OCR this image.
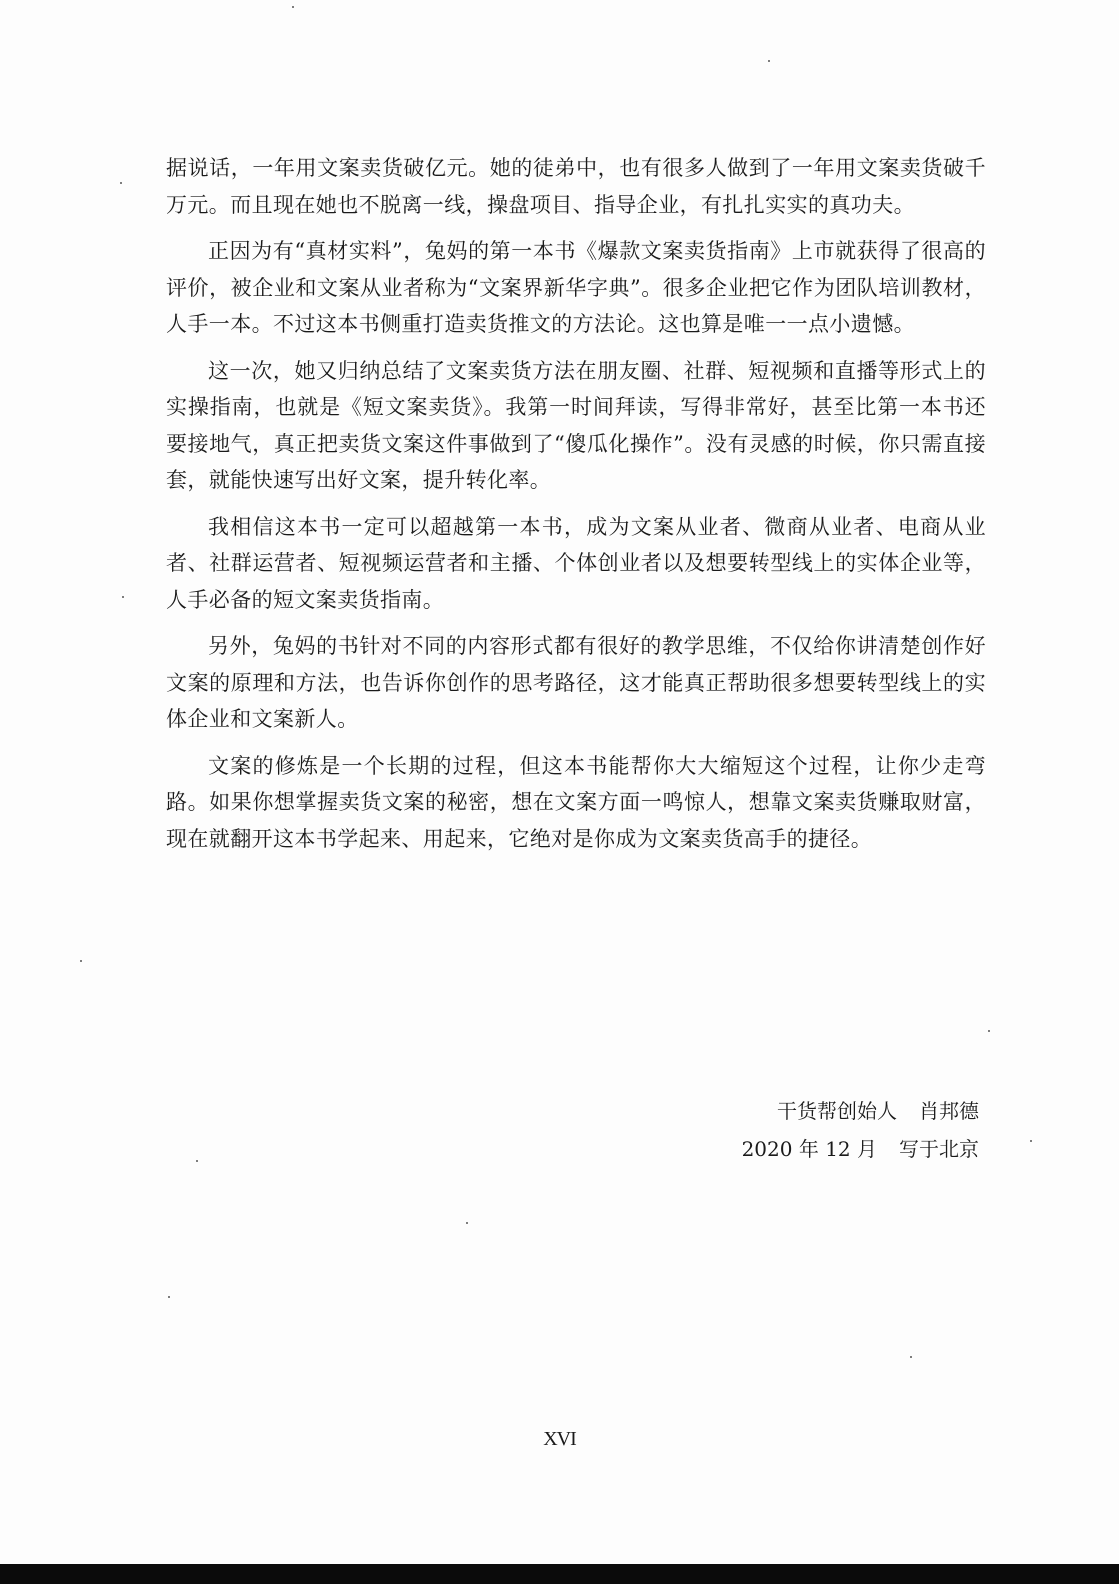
据说话，一年用文案卖货破亿元。她的徒弟中，也有很多人做到了一年用文案卖货破千万元。而且现在她也不脱离一线，操盘项目、指导企业，有扎扎实实的真功夫。

正因为有“真材实料”，兔妈的第一本书《爆款文案卖货指南》上市就获得了很高的评价，被企业和文案从业者称为“文案界新华字典”。很多企业把它作为团队培训教材，人手一本。不过这本书侧重打造卖货推文的方法论。这也算是唯一一点小遗憾。

这一次，她又归纳总结了文案卖货方法在朋友圈、社群、短视频和直播等形式上的实操指南，也就是《短文案卖货》。我第一时间拜读，写得非常好，甚至比第一本书还要接地气，真正把卖货文案这件事做到了“傻瓜化操作”。没有灵感的时候，你只需直接套，就能快速写出好文案，提升转化率。

我相信这本书一定可以超越第一本书，成为文案从业者、微商从业者、电商从业者、社群运营者、短视频运营者和主播、个体创业者以及想要转型线上的实体企业等，人手必备的短文案卖货指南。

另外，兔妈的书针对不同的内容形式都有很好的教学思维，不仅给你讲清楚创作好文案的原理和方法，也告诉你创作的思考路径，这才能真正帮助很多想要转型线上的实体企业和文案新人。

文案的修炼是一个长期的过程，但这本书能帮你大大缩短这个过程，让你少走弯路。如果你想掌握卖货文案的秘密，想在文案方面一鸣惊人，想靠文案卖货赚取财富，现在就翻开这本书学起来、用起来，它绝对是你成为文案卖货高手的捷径。

干货帮创始人 肖邦德
2020 年 12 月 写于北京
XVI
